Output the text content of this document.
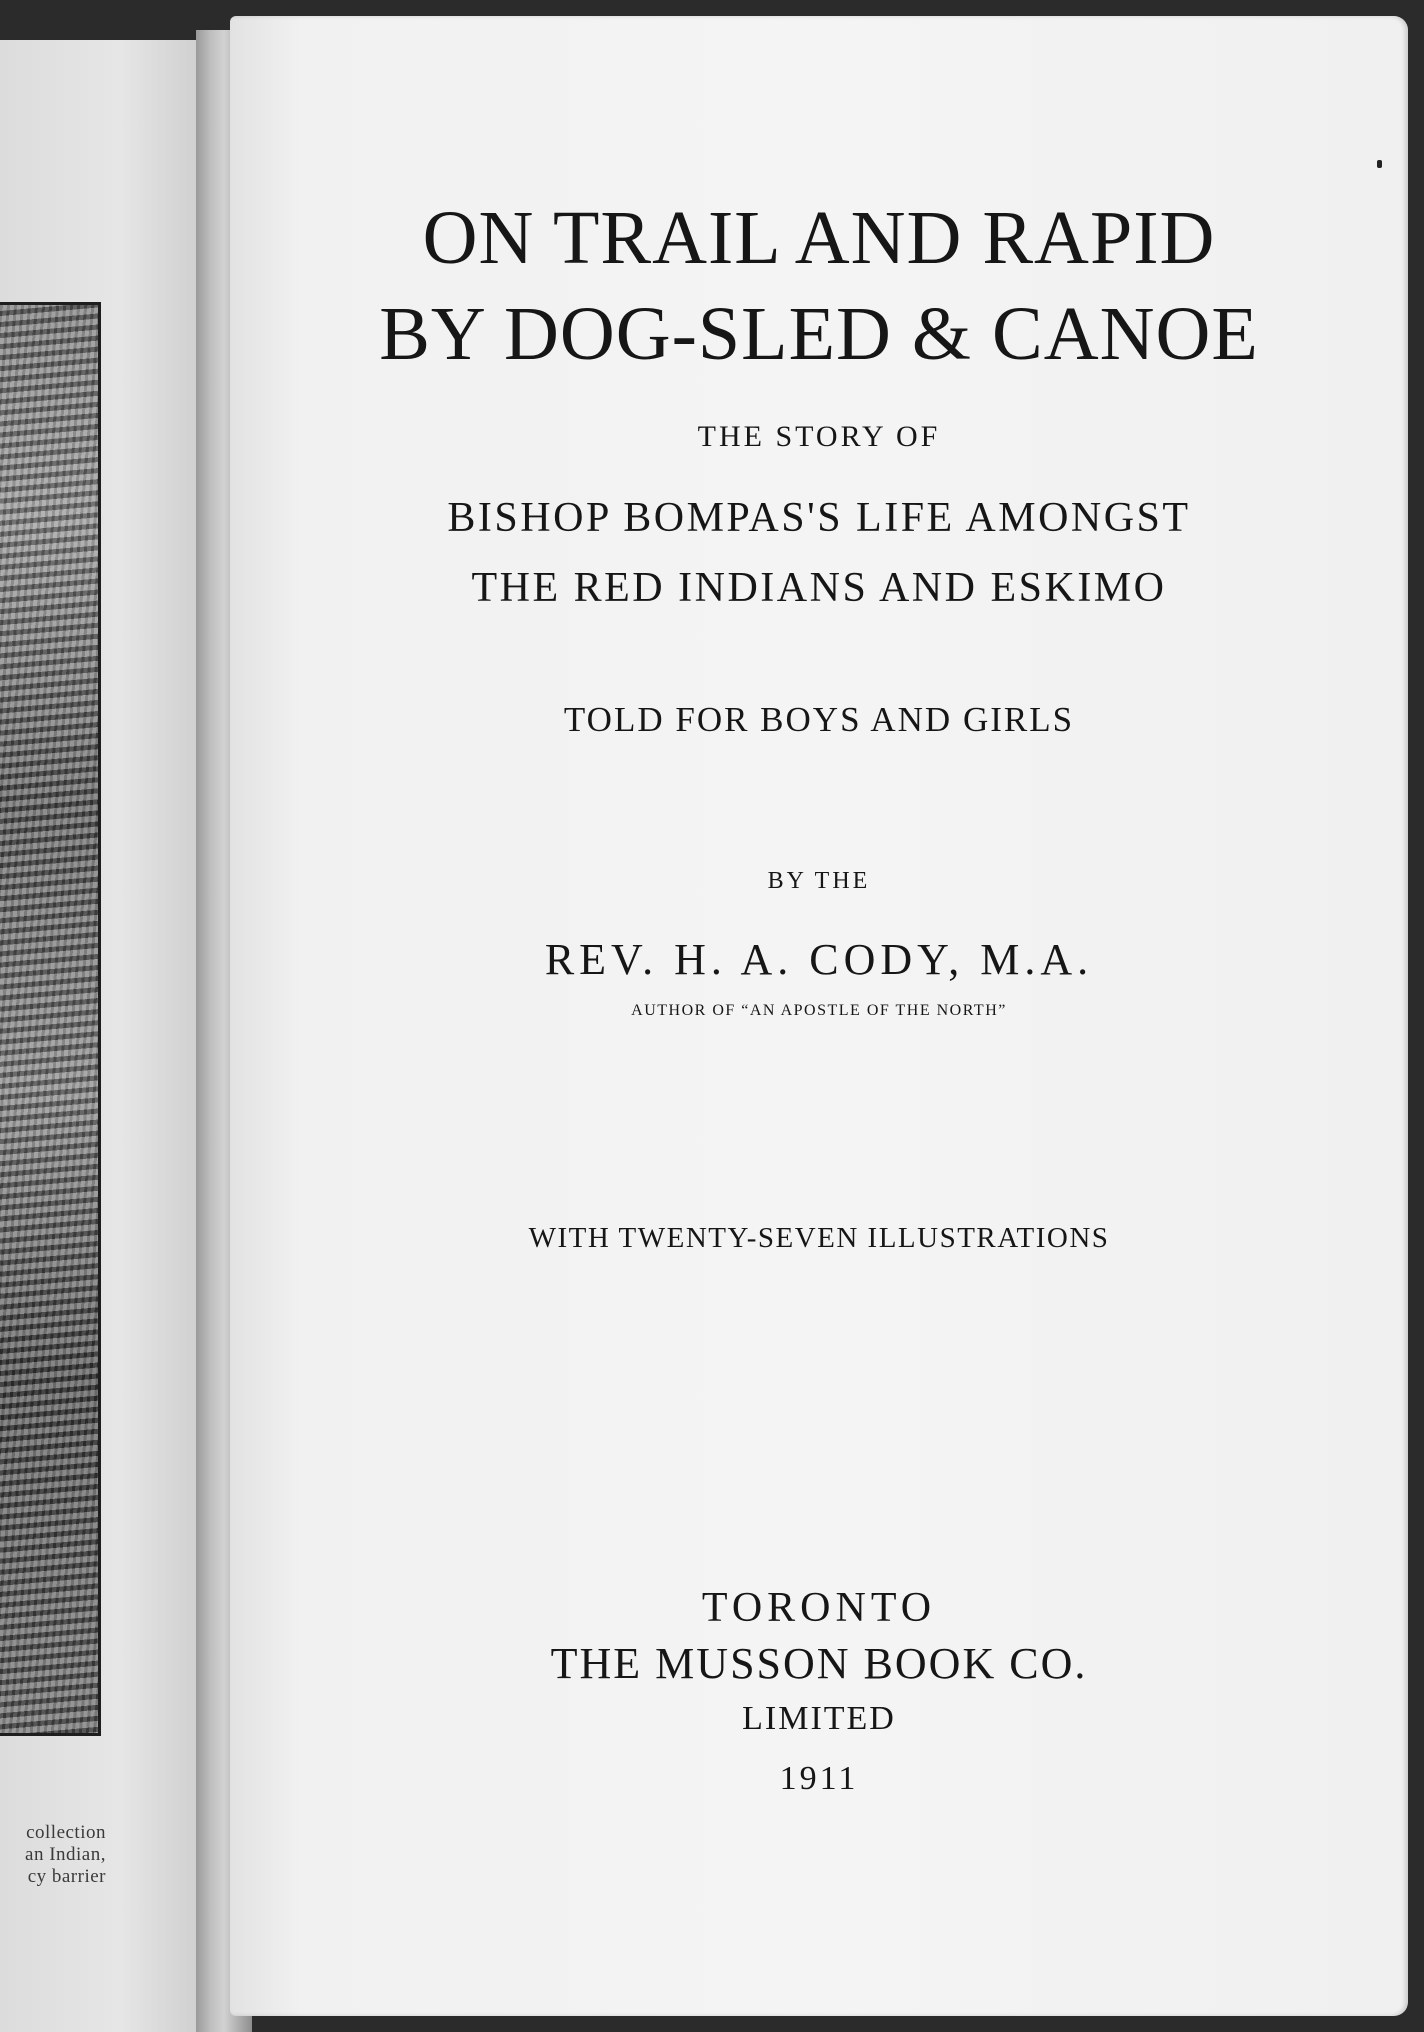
collection
an Indian,
cy barrier
ON TRAIL AND RAPID
BY DOG-SLED & CANOE
THE STORY OF
BISHOP BOMPAS'S LIFE AMONGST
THE RED INDIANS AND ESKIMO
TOLD FOR BOYS AND GIRLS
BY THE
REV. H. A. CODY, M.A.
AUTHOR OF “AN APOSTLE OF THE NORTH”
WITH TWENTY-SEVEN ILLUSTRATIONS
TORONTO
THE MUSSON BOOK CO.
LIMITED
1911
